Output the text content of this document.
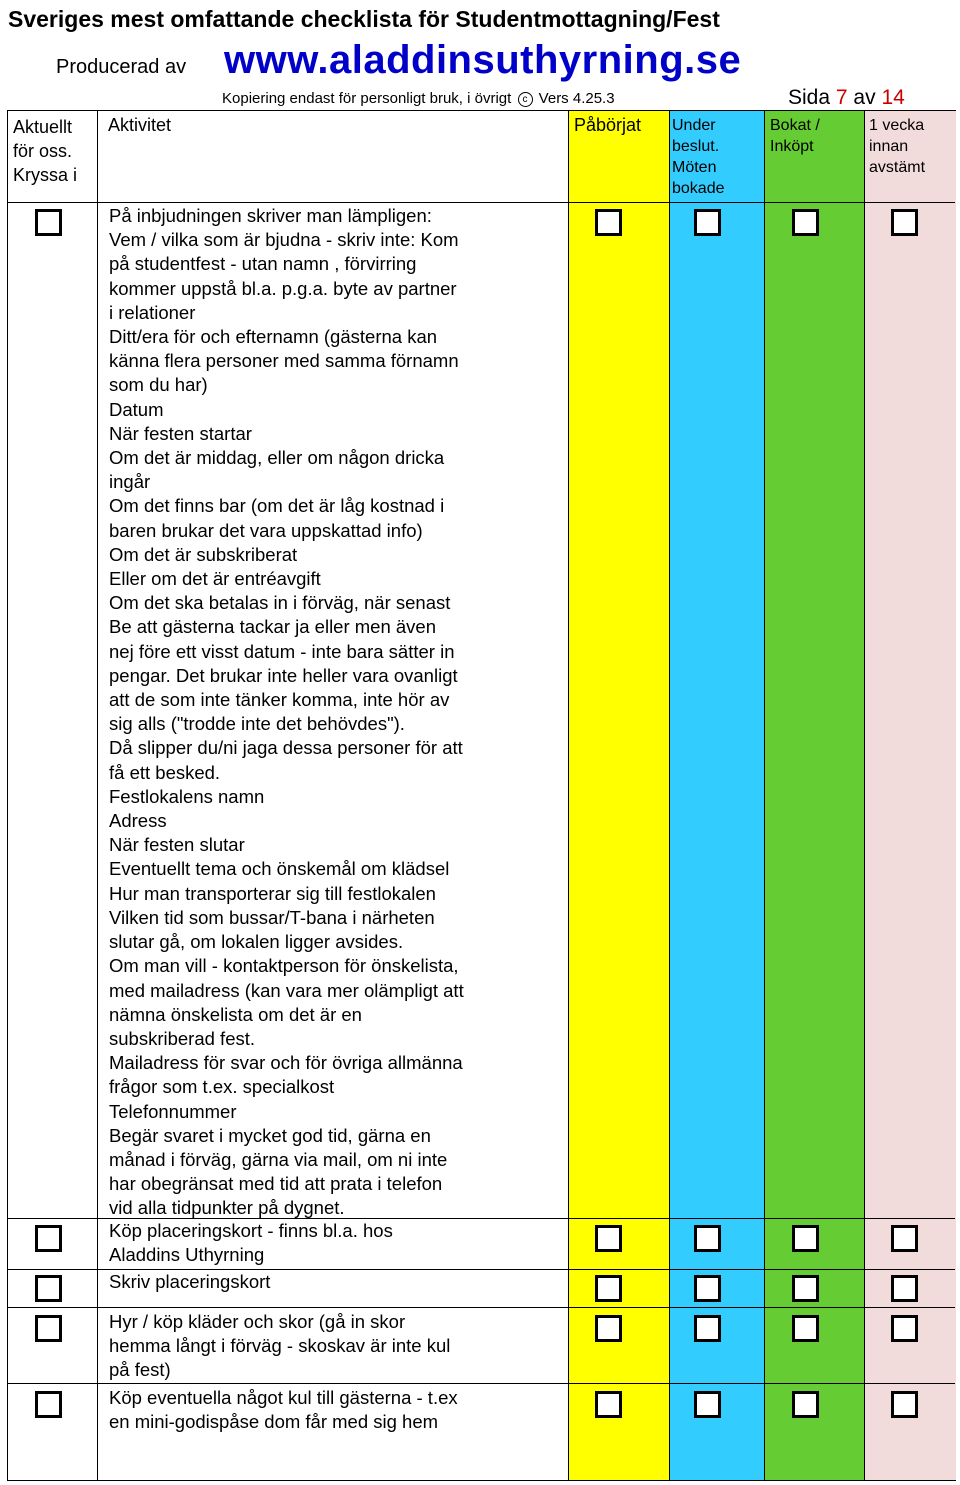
Sveriges mest omfattande checklista för Studentmottagning/Fest
Producerad av www.aladdinsuthyrning.se
Kopiering endast för personligt bruk, i övrigt c Vers 4.25.3	Sida 7 av 14
Aktuellt
för oss.
Kryssa i
Aktivitet	Påbörjat Under
beslut.
Möten
bokade
Bokat /
Inköpt
1 vecka
innan
avstämt
På inbjudningen skriver man lämpligen:
Vem / vilka som är bjudna - skriv inte: Kom
på studentfest - utan namn , förvirring
kommer uppstå bl.a. p.g.a. byte av partner
i relationer
Ditt/era för och efternamn (gästerna kan
känna flera personer med samma förnamn
som du har)
Datum
När festen startar
Om det är middag, eller om någon dricka
ingår
Om det finns bar (om det är låg kostnad i
baren brukar det vara uppskattad info)
Om det är subskriberat
Eller om det är entréavgift
Om det ska betalas in i förväg, när senast
Be att gästerna tackar ja eller men även
nej före ett visst datum - inte bara sätter in
pengar. Det brukar inte heller vara ovanligt
att de som inte tänker komma, inte hör av
sig alls ("trodde inte det behövdes").
Då slipper du/ni jaga dessa personer för att
få ett besked.
Festlokalens namn
Adress
När festen slutar
Eventuellt tema och önskemål om klädsel
Hur man transporterar sig till festlokalen
Vilken tid som bussar/T-bana i närheten
slutar gå, om lokalen ligger avsides.
Om man vill - kontaktperson för önskelista,
med mailadress (kan vara mer olämpligt att
nämna önskelista om det är en
subskriberad fest.
Mailadress för svar och för övriga allmänna
frågor som t.ex. specialkost
Telefonnummer
Begär svaret i mycket god tid, gärna en
månad i förväg, gärna via mail, om ni inte
har obegränsat med tid att prata i telefon
vid alla tidpunkter på dygnet.
Köp placeringskort - finns bl.a. hos
Aladdins Uthyrning
Skriv placeringskort
Hyr / köp kläder och skor (gå in skor
hemma långt i förväg - skoskav är inte kul
på fest)
Köp eventuella något kul till gästerna - t.ex
en mini-godispåse dom får med sig hem
